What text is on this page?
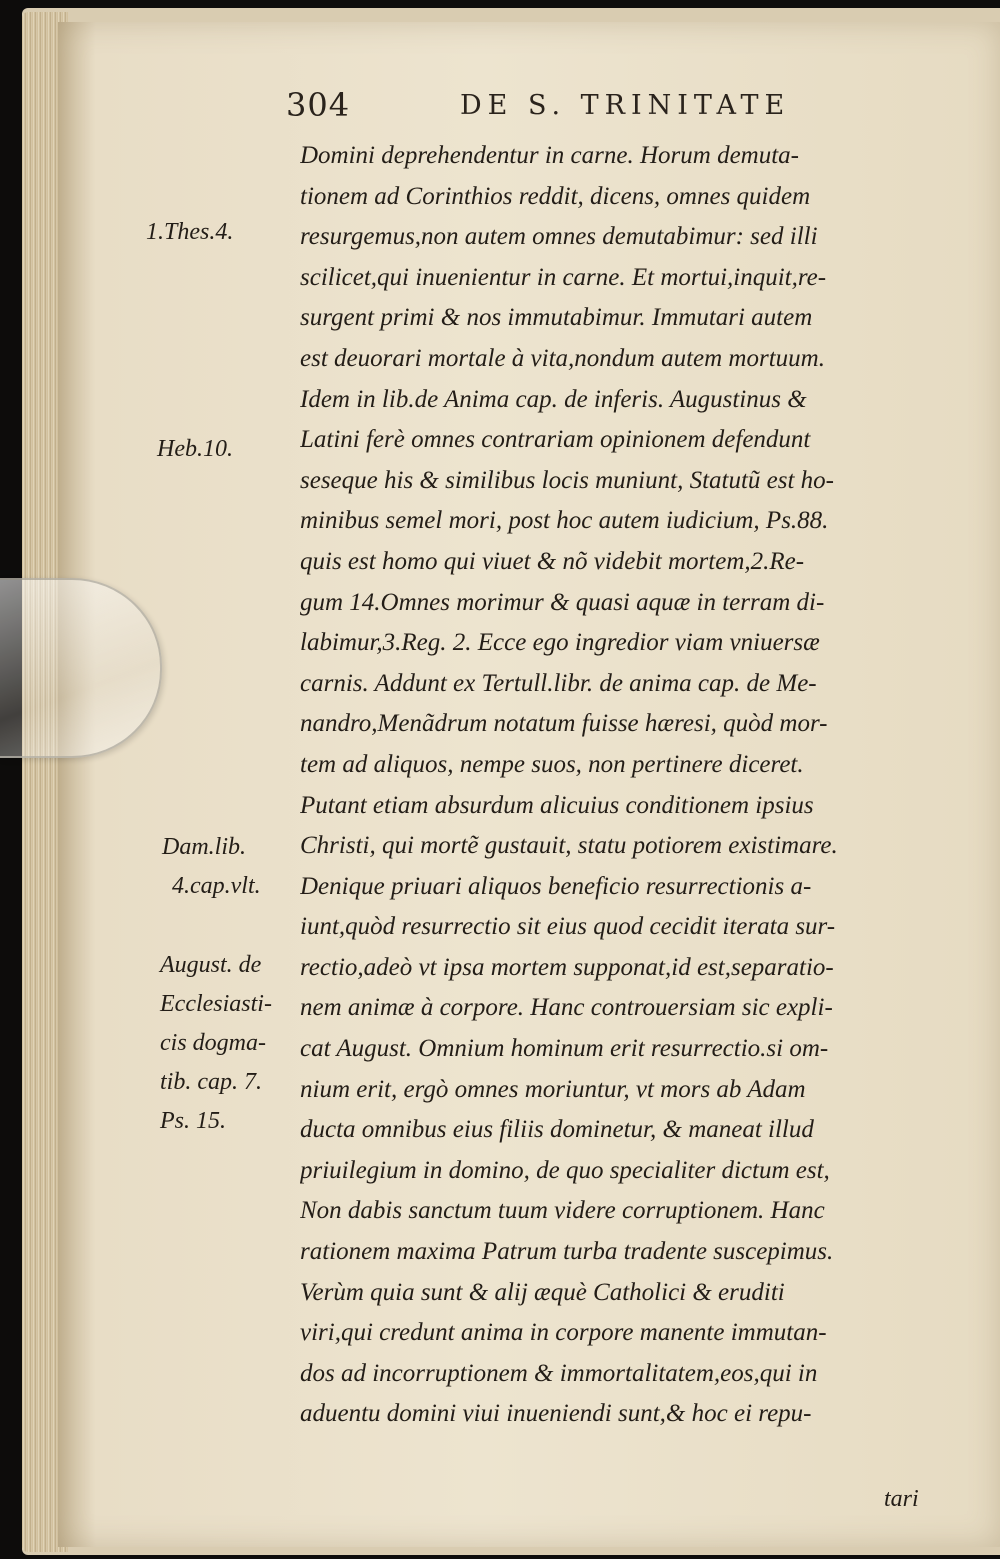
304	DE S. TRINITATE
Domini deprehendentur in carne. Horum demuta-
tionem ad Corinthios reddit, dicens, omnes quidem
resurgemus,non autem omnes demutabimur: sed illi
scilicet,qui inuenientur in carne. Et mortui,inquit,re-
surgent primi & nos immutabimur. Immutari autem
est deuorari mortale à vita,nondum autem mortuum.
Idem in lib.de Anima cap. de inferis. Augustinus &
Latini ferè omnes contrariam opinionem defendunt
seseque his & similibus locis muniunt, Statutũ est ho-
minibus semel mori, post hoc autem iudicium, Ps.88.
quis est homo qui viuet & nõ videbit mortem,2.Re-
gum 14.Omnes morimur & quasi aquæ in terram di-
labimur,3.Reg. 2. Ecce ego ingredior viam vniuersæ
carnis. Addunt ex Tertull.libr. de anima cap. de Me-
nandro,Menãdrum notatum fuisse hæresi, quòd mor-
tem ad aliquos, nempe suos, non pertinere diceret.
Putant etiam absurdum alicuius conditionem ipsius
Christi, qui mortẽ gustauit, statu potiorem existimare.
Denique priuari aliquos beneficio resurrectionis a-
iunt,quòd resurrectio sit eius quod cecidit iterata sur-
rectio,adeò vt ipsa mortem supponat,id est,separatio-
nem animæ à corpore. Hanc controuersiam sic expli-
cat August. Omnium hominum erit resurrectio.si om-
nium erit, ergò omnes moriuntur, vt mors ab Adam
ducta omnibus eius filiis dominetur, & maneat illud
priuilegium in domino, de quo specialiter dictum est,
Non dabis sanctum tuum videre corruptionem. Hanc
rationem maxima Patrum turba tradente suscepimus.
Verùm quia sunt & alij æquè Catholici & eruditi
viri,qui credunt anima in corpore manente immutan-
dos ad incorruptionem & immortalitatem,eos,qui in
aduentu domini viui inueniendi sunt,& hoc ei repu-
tari
1.Thes.4.
Heb.10.
Dam.lib.
4.cap.vlt.
August. de
Ecclesiasti-
cis dogma-
tib. cap. 7.
Ps. 15.
